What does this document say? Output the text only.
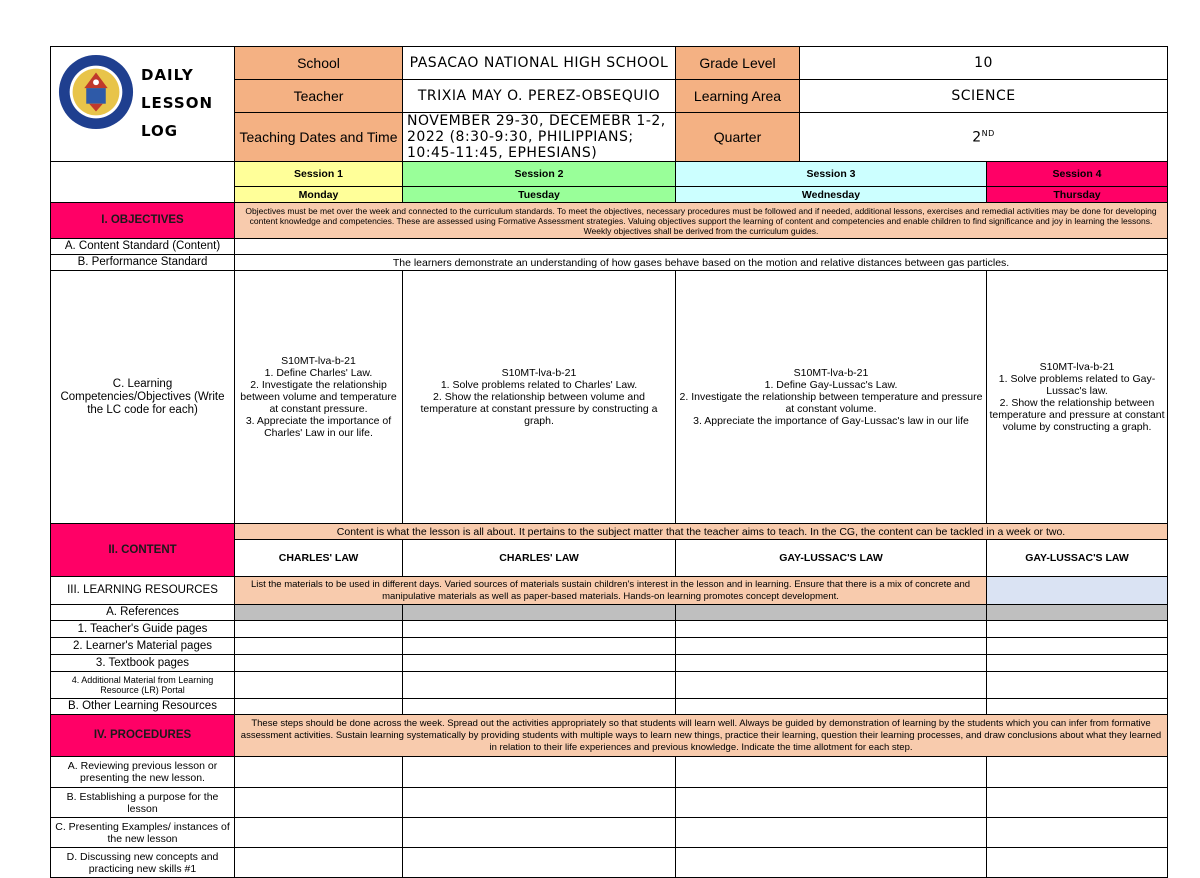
DAILY
LESSON
LOG	School	PASACAO NATIONAL HIGH SCHOOL	Grade Level	10		
	Teacher	TRIXIA MAY O. PEREZ-OBSEQUIO	Learning Area	SCIENCE		
	Teaching Dates and Time	NOVEMBER 29-30, DECEMEBR 1-2, 2022 (8:30-9:30, PHILIPPIANS; 10:45-11:45, EPHESIANS)	Quarter	2ND
	Session 1	Session 2	Session 3		Session 4	
	Monday	Tuesday	Wednesday		Thursday	
I. OBJECTIVES	Objectives must be met over the week and connected to the curriculum standards. To meet the objectives, necessary procedures must be followed and if needed, additional lessons, exercises and remedial activities may be done for developing content knowledge and competencies. These are assessed using Formative Assessment strategies. Valuing objectives support the learning of content and competencies and enable children to find significance and joy in learning the lessons. Weekly objectives shall be derived from the curriculum guides.					
A. Content Standard (Content)						
B. Performance Standard	The learners demonstrate an understanding of how gases behave based on the motion and relative distances between gas particles.					
C. Learning Competencies/Objectives (Write the LC code for each)	S10MT-lva-b-21
1. Define Charles' Law.
2. Investigate the relationship between volume and temperature at constant pressure.
3. Appreciate the importance of Charles' Law in our life.	S10MT-lva-b-21
1. Solve problems related to Charles' Law.
2. Show the relationship between volume and temperature at constant pressure by constructing a graph.	S10MT-lva-b-21
1. Define Gay-Lussac's Law.
2. Investigate the relationship between temperature and pressure at constant volume.
3. Appreciate the importance of Gay-Lussac's law in our life		S10MT-lva-b-21
1. Solve problems related to Gay-Lussac's law.
2. Show the relationship between temperature and pressure at constant volume by constructing a graph.	
II. CONTENT	Content is what the lesson is all about. It pertains to the subject matter that the teacher aims to teach. In the CG, the content can be tackled in a week or two.					
	CHARLES' LAW	CHARLES' LAW	GAY-LUSSAC'S LAW		GAY-LUSSAC'S LAW	
III. LEARNING RESOURCES	List the materials to be used in different days. Varied sources of materials sustain children's interest in the lesson and in learning. Ensure that there is a mix of concrete and manipulative materials as well as paper-based materials. Hands-on learning promotes concept development.					
A. References						
1. Teacher's Guide pages						
2. Learner's Material pages						
3. Textbook pages						
4. Additional Material from Learning Resource (LR) Portal						
B. Other Learning Resources						
IV. PROCEDURES	These steps should be done across the week. Spread out the activities appropriately so that students will learn well. Always be guided by demonstration of learning by the students which you can infer from formative assessment activities. Sustain learning systematically by providing students with multiple ways to learn new things, practice their learning, question their learning processes, and draw conclusions about what they learned in relation to their life experiences and previous knowledge. Indicate the time allotment for each step.					
A. Reviewing previous lesson or presenting the new lesson.						
B. Establishing a purpose for the lesson						
C. Presenting Examples/ instances of the new lesson						
D. Discussing new concepts and practicing new skills #1						
